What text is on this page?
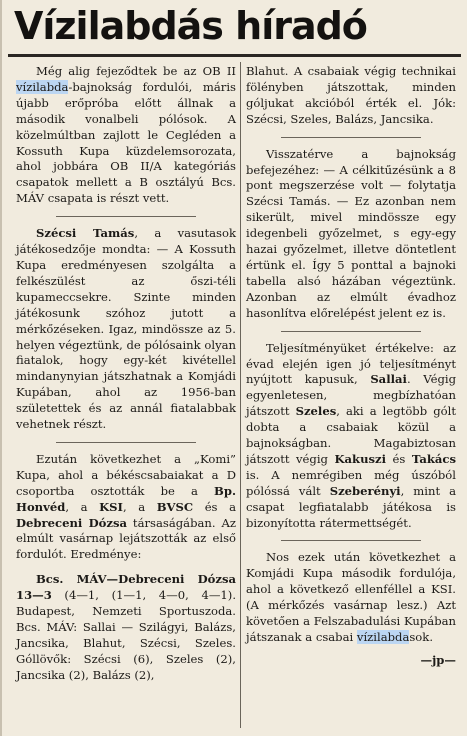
Vízilabdás híradó

Még alig fejeződtek be az OB II vízilabda-bajnokság fordulói, máris újabb erőpróba előtt állnak a második vonalbeli pólósok. A közelmúltban zajlott le Cegléden a Kossuth Kupa küzdelemsorozata, ahol jobbára OB II/A kategóriás csapatok mellett a B osztályú Bcs. MÁV csapata is részt vett.

Szécsi Tamás, a vasutasok játékosedzője mondta: — A Kossuth Kupa eredményesen szolgálta a felkészülést az őszi-téli kupameccsekre. Szinte minden játékosunk szóhoz jutott a mérkőzéseken. Igaz, mindössze az 5. helyen végeztünk, de pólósaink olyan fiatalok, hogy egy-két kivétellel mindanynyian játszhatnak a Komjádi Kupában, ahol az 1956-ban születettek és az annál fiatalabbak vehetnek részt.

Ezután következhet a „Komi” Kupa, ahol a békéscsabaiakat a D csoportba osztották be a Bp. Honvéd, a KSI, a BVSC és a Debreceni Dózsa társaságában. Az elmúlt vasárnap lejátszották az első fordulót. Eredménye:

Bcs. MÁV—Debreceni Dózsa 13—3 (4—1, (1—1, 4—0, 4—1). Budapest, Nemzeti Sportuszoda. Bcs. MÁV: Sallai — Szilágyi, Balázs, Jancsika, Blahut, Szécsi, Szeles. Góllövők: Szécsi (6), Szeles (2), Jancsika (2), Balázs (2),

Blahut. A csabaiak végig technikai fölényben játszottak, minden góljukat akcióból érték el. Jók: Szécsi, Szeles, Balázs, Jancsika.

Visszatérve a bajnokság befejezéhez: — A célkitűzésünk a 8 pont megszerzése volt — folytatja Szécsi Tamás. — Ez azonban nem sikerült, mivel mindössze egy idegenbeli győzelmet, s egy-egy hazai győzelmet, illetve döntetlent értünk el. Így 5 ponttal a bajnoki tabella alsó házában végeztünk. Azonban az elmúlt évadhoz hasonlítva előrelépést jelent ez is.

Teljesítményüket értékelve: az évad elején igen jó teljesítményt nyújtott kapusuk, Sallai. Végig egyenletesen, megbízhatóan játszott Szeles, aki a legtöbb gólt dobta a csabaiak közül a bajnokságban. Magabiztosan játszott végig Kakuszi és Takács is. A nemrégiben még úszóból pólóssá vált Szeberényi, mint a csapat legfiatalabb játékosa is bizonyította rátermettségét.

Nos ezek után következhet a Komjádi Kupa második fordulója, ahol a következő ellenféllel a KSI. (A mérkőzés vasárnap lesz.) Azt követően a Felszabadulási Kupában játszanak a csabai vízilabdasok.

—jp—
